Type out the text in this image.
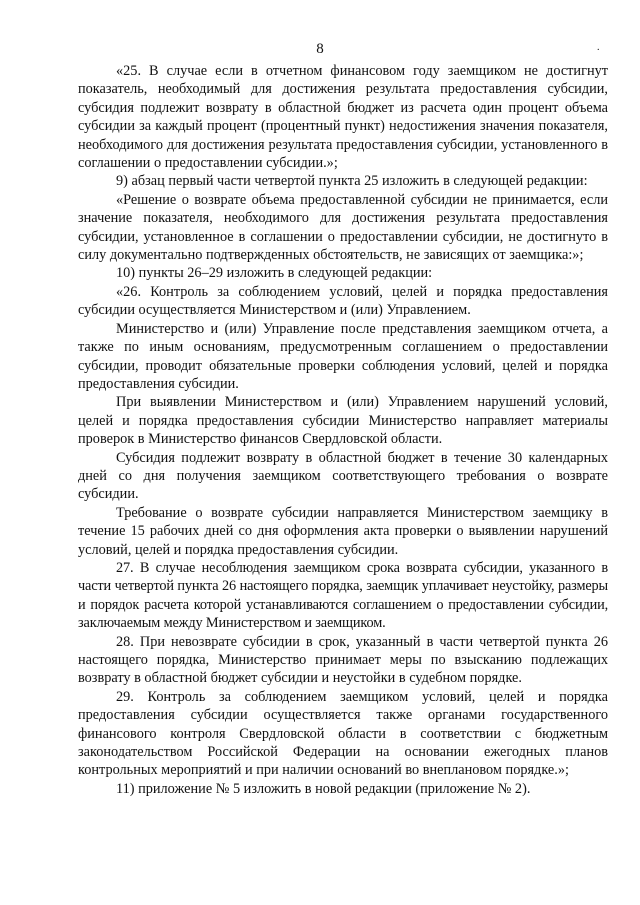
8	.

«25. В случае если в отчетном финансовом году заемщиком не достигнут показатель, необходимый для достижения результата предоставления субсидии, субсидия подлежит возврату в областной бюджет из расчета один процент объема субсидии за каждый процент (процентный пункт) недостижения значения показателя, необходимого для достижения результата предоставления субсидии, установленного в соглашении о предоставлении субсидии.»;

9) абзац первый части четвертой пункта 25 изложить в следующей редакции:

«Решение о возврате объема предоставленной субсидии не принимается, если значение показателя, необходимого для достижения результата предоставления субсидии, установленное в соглашении о предоставлении субсидии, не достигнуто в силу документально подтвержденных обстоятельств, не зависящих от заемщика:»;

10) пункты 26–29 изложить в следующей редакции:

«26. Контроль за соблюдением условий, целей и порядка предоставления субсидии осуществляется Министерством и (или) Управлением.

Министерство и (или) Управление после представления заемщиком отчета, а также по иным основаниям, предусмотренным соглашением о предоставлении субсидии, проводит обязательные проверки соблюдения условий, целей и порядка предоставления субсидии.

При выявлении Министерством и (или) Управлением нарушений условий, целей и порядка предоставления субсидии Министерство направляет материалы проверок в Министерство финансов Свердловской области.

Субсидия подлежит возврату в областной бюджет в течение 30 календарных дней со дня получения заемщиком соответствующего требования о возврате субсидии.

Требование о возврате субсидии направляется Министерством заемщику в течение 15 рабочих дней со дня оформления акта проверки о выявлении нарушений условий, целей и порядка предоставления субсидии.

27. В случае несоблюдения заемщиком срока возврата субсидии, указанного в части четвертой пункта 26 настоящего порядка, заемщик уплачивает неустойку, размеры и порядок расчета которой устанавливаются соглашением о предоставлении субсидии, заключаемым между Министерством и заемщиком.

28. При невозврате субсидии в срок, указанный в части четвертой пункта 26 настоящего порядка, Министерство принимает меры по взысканию подлежащих возврату в областной бюджет субсидии и неустойки в судебном порядке.

29. Контроль за соблюдением заемщиком условий, целей и порядка предоставления субсидии осуществляется также органами государственного финансового контроля Свердловской области в соответствии с бюджетным законодательством Российской Федерации на основании ежегодных планов контрольных мероприятий и при наличии оснований во внеплановом порядке.»;

11) приложение № 5 изложить в новой редакции (приложение № 2).
